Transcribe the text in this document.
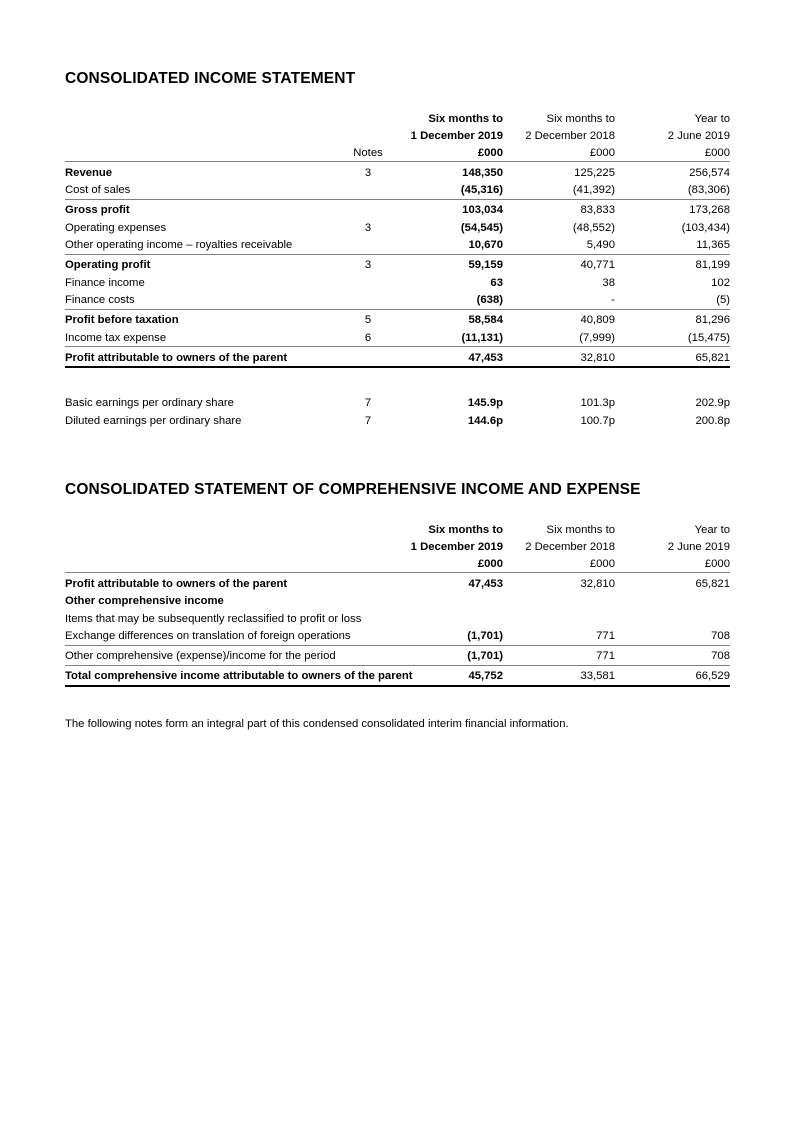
CONSOLIDATED INCOME STATEMENT
		Six months to	Six months to	Year to
		1 December 2019	2 December 2018	2 June 2019
	Notes	£000	£000	£000
Revenue	3	148,350	125,225	256,574
Cost of sales		(45,316)	(41,392)	(83,306)
Gross profit		103,034	83,833	173,268
Operating expenses	3	(54,545)	(48,552)	(103,434)
Other operating income – royalties receivable		10,670	5,490	11,365
Operating profit	3	59,159	40,771	81,199
Finance income		63	38	102
Finance costs		(638)	-	(5)
Profit before taxation	5	58,584	40,809	81,296
Income tax expense	6	(11,131)	(7,999)	(15,475)
Profit attributable to owners of the parent		47,453	32,810	65,821
Basic earnings per ordinary share	7	145.9p	101.3p	202.9p
Diluted earnings per ordinary share	7	144.6p	100.7p	200.8p
CONSOLIDATED STATEMENT OF COMPREHENSIVE INCOME AND EXPENSE
	Six months to	Six months to	Year to
	1 December 2019	2 December 2018	2 June 2019
	£000	£000	£000
Profit attributable to owners of the parent	47,453	32,810	65,821
Other comprehensive income			
Items that may be subsequently reclassified to profit or loss			
Exchange differences on translation of foreign operations	(1,701)	771	708
Other comprehensive (expense)/income for the period	(1,701)	771	708
Total comprehensive income attributable to owners of the parent	45,752	33,581	66,529

The following notes form an integral part of this condensed consolidated interim financial information.
